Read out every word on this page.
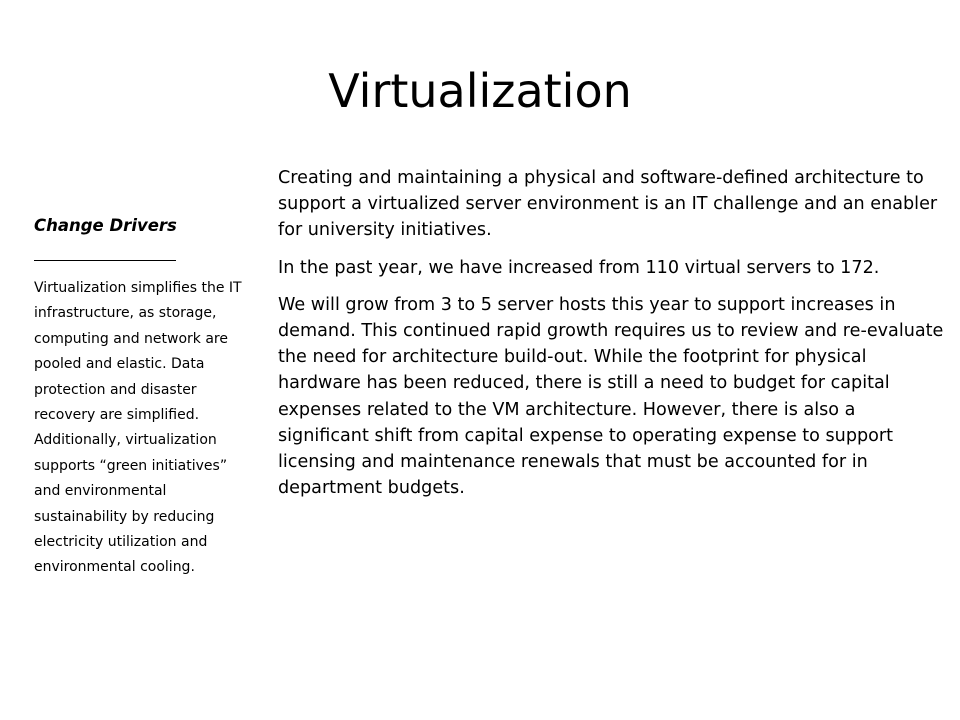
Virtualization
Change Drivers
Virtualization simplifies the IT infrastructure, as storage, computing and network are pooled and elastic. Data protection and disaster recovery are simplified. Additionally, virtualization supports “green initiatives” and environmental sustainability by reducing electricity utilization and environmental cooling.

Creating and maintaining a physical and software-defined architecture to support a virtualized server environment is an IT challenge and an enabler for university initiatives.

In the past year, we have increased from 110 virtual servers to 172.

We will grow from 3 to 5 server hosts this year to support increases in demand. This continued rapid growth requires us to review and re-evaluate the need for architecture build-out. While the footprint for physical hardware has been reduced, there is still a need to budget for capital expenses related to the VM architecture. However, there is also a significant shift from capital expense to operating expense to support licensing and maintenance renewals that must be accounted for in department budgets.
